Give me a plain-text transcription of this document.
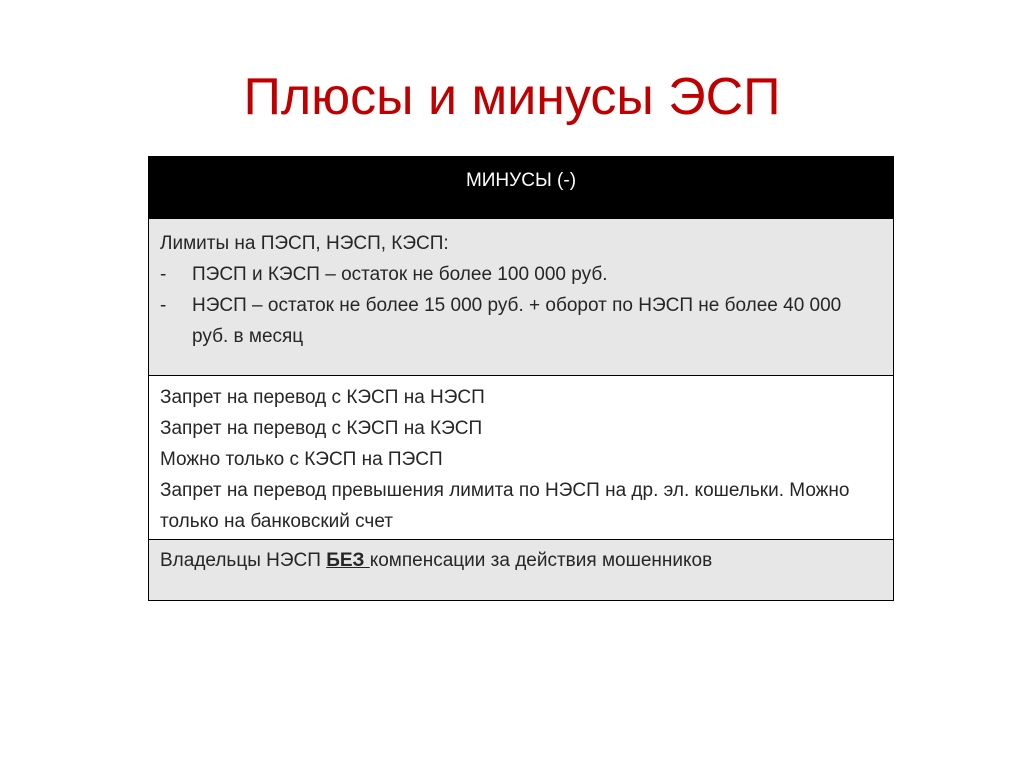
Плюсы и минусы ЭСП
МИНУСЫ (-)
Лимиты на ПЭСП, НЭСП, КЭСП:
-	ПЭСП и КЭСП – остаток не более 100 000 руб.
-	НЭСП – остаток не более 15 000 руб. + оборот по НЭСП не более 40 000 руб. в месяц
Запрет на перевод с КЭСП на НЭСП
Запрет на перевод с КЭСП на КЭСП
Можно только с КЭСП на ПЭСП
Запрет на перевод превышения лимита по НЭСП на др. эл. кошельки. Можно только на банковский счет
Владельцы НЭСП БЕЗ компенсации за действия мошенников
